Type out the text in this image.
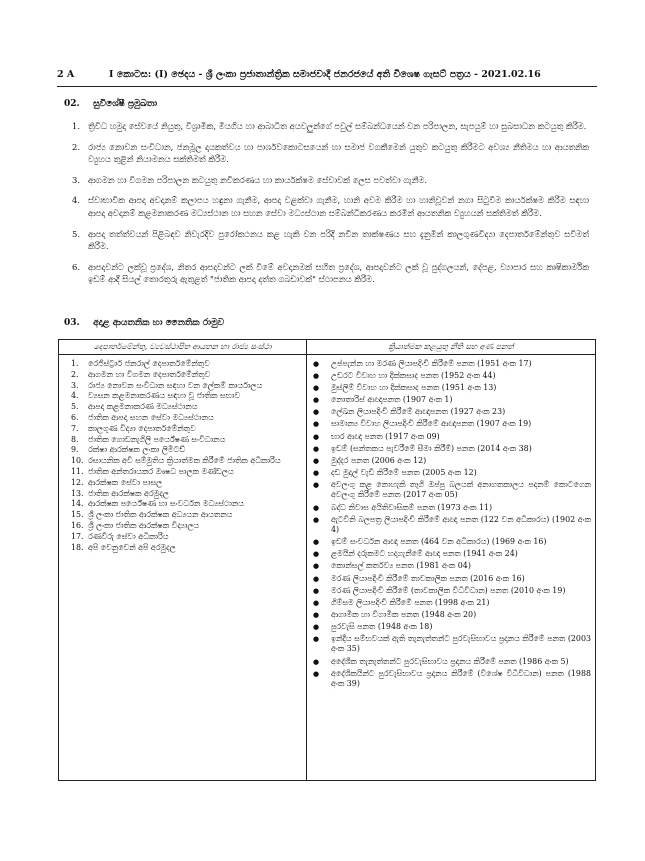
2 A	I කොටස: (I) ඡෙදය - ශ්‍රී ලංකා ප්‍රජාතාන්ත්‍රික සමාජවාදී ජනරජයේ අති විශෙෂ ගැසට් පත්‍රය - 2021.02.16
02. සුවිශේෂී ප්‍රමුඛතා
1. ත්‍රිවිධ හමුදා සේවයේ නියුතු, විශ්‍රාමික, මියගිය හා ආබාධිත අයවලුන්ගේ පවුල් සම්බන්ධයෙන් වන පරිපාලන, සැපයුම් හා සුබසාධන කටයුතු කිරීම.
2. රාජ්‍ය නොවන සංවිධාන, ජනමූල දායකත්වය හා පාර්ශවකොටසයෙන් හා සමාජ වගකීමෙන් යුතුව කටයුතු කිරීමට අවශ්‍ය නීතිමය හා ආයතනික ව්‍යුහය තුළින් නියාමනය සක්තිමත් කිරීම.
3. ආගමන හා විගමන පරිපාලන කටයුතු නවීකරණය හා කාර්යක්ෂම සේවාවක් ලෙස පවත්වා ගැනීම.
4. ස්වාභාවික ආපදා අවදානම් කලාපය හඳුනා ගැනීම, ආපදා වළක්වා ගැනීම, හානි අවම කිරීම හා හානිවූවන් නගා සිටුවීම කාර්යක්ෂම කිරීම සඳහා ආපදා අවදානම් කළමනාකරණ මධ්‍යස්ථාන හා සහන සේවා මධ්‍යස්ථාන සම්බන්ධිකරණය කරමින් ආයතනික ව්‍යුහයන් සක්තිමත් කිරීම.
5. ආපදා තත්ත්වයන් පිළිබඳව නිවැරදිව පුරෝකථනය කළ හැකි වන පරිදි නවීන තාක්ෂණය සහ දැනුමින් කාලගුණවිද්‍යා දෙපාර්තමේන්තුව සවිමත් කිරීම.
6. ආපදාවන්ට ලක්වූ ප්‍රදේශ, නිතර ආපදාවන්ට ලක් විමේ අවදානමක් සහිත ප්‍රදේශ, ආපදාවන්ට ලක් වූ පුද්ගලයන්, දේපළ, ව්‍යාපාර සහ කෘෂිකාර්මික ඉඩම් ආදී සියල් තොරතුරු ඇතුළත් "ජාතික ආපදා දත්ත ගබඩාවක්" ස්ථාපනය කිරීම.
03. අදාළ ආයතනික හා නෛතික රාමුව
දෙපාර්තමේන්තු, ව්‍යවස්ථාපිත ආයතන හා රාජ්‍ය සංස්ථා	ක්‍රියාත්මක කළයුතු නීති සහ අණ පනත්
1.	රෙජිස්ට්‍රාර් ජනරාල් දෙපාර්තමේන්තුව
2.	ආගමන හා විගමන දෙපාර්තමේන්තුව
3.	රාජ්‍ය නොවන සංවිධාන සඳහා වන ලේකම් කාර්යාලය
4.	ව්‍යසන කළමනාකරණය සඳහා වූ ජාතික සභාව
5.	ආපදා කළමනාකරණ මධ්‍යස්ථානය
6.	ජාතික ආපදා සහන සේවා මධ්‍යස්ථානය
7.	කාලගුණ විද්‍යා දෙපාර්තමේන්තුව
8.	ජාතික ගොඩනැගිලි පර්යේෂණ සංවිධානය
9.	රක්ෂා ආරක්ෂක ලංකා ලිමිටඩ්
10. රසායනික අවි සම්මුතිය ක්‍රියාත්මක කිරීමේ ජාතික අධිකාරිය
11. ජාතික අන්තරායකර ඖෂධ පාලක මණ්ඩලය
12. ආරක්ෂක සේවා පාසල
13. ජාතික ආරක්ෂක අරමුදල
14. ආරක්ෂක පර්යේෂණ හා සංවර්ධන මධ්‍යස්ථානය
15. ශ්‍රී ලංකා ජාතික ආරක්ෂක අධ්‍යයන ආයතනය
16. ශ්‍රී ලංකා ජාතික ආරක්ෂක විද්‍යාලය
17. රණවිරු සේවා අධිකාරිය
18. අපි වෙනුවෙන් අපි අරමුදල
●	උප්පැන්න හා මරණ ලියාපදිංචි කිරීමේ පනත (1951 අංක 17)
●	උඩරට විවාහ හා දික්කසාද පනත (1952 අංක 44)
●	මුස්ලිම් විවාහ හා දික්කසාද පනත (1951 අංක 13)
●	නොතාරිස් ආඥාපනත (1907 අංක 1)
●	ලේඛන ලියාපදිංචි කිරීමේ ආඥාපනත (1927 අංක 23)
●	සාමාන්‍ය විවාහ ලියාපදිංචි කිරීමේ ආඥාපනත (1907 අංක 19)
●	භාර ආඥා පනත (1917 අංක 09)
●	ඉඩම් (සන්තකය පැවරීමේ සීමා කිරීම්) පනත (2014 අංක 38)
●	මුද්දර පනත (2006 අංක 12)
●	දඩ මුදල් වැඩි කිරීමේ පනත (2005 අංක 12)
●	අවලංගු කළ නොහැකි තෑගි ඔප්පු බලයක් අනාගතකාලය පදනම් කොටගෙන අවලංගු කිරීමේ පනත (2017 අංක 05)
●	බද්ධ නිවාස අයිතිවාසිකම් පනත (1973 අංක 11)
●	ඇටවිනි බලපත්‍ර ලියාපදිංචි කිරීමේ ආඥා පනත (122 වන අධිකාරය) (1902 අංක 4)
●	ඉඩම් සංවර්ධන ආඥා පනත (464 වන අධිකාරය) (1969 අංක 16)
●	ළමයින් දරුකමට හදාගැනීමේ ආඥා පනත (1941 අංක 24)
●	කොන්සල් කර්තව්‍ය පනත (1981 අංක 04)
●	මරණ ලියාපදිංචි කිරීමේ තාවකාලික පනත (2016 අංක 16)
●	මරණ ලියාපදිංචි කිරීමේ (තාවකාලික විධිවිධාන) පනත (2010 අංක 19)
●	ගිම්සම ලියාපදිංචි කිරීමේ පනත (1998 අංක 21)
●	ආගාමික හා විගාමික පනත (1948 අංක 20)
●	පුරවැසි පනත (1948 අංක 18)
●	ඉන්දීය සම්භවයක් ඇති තැනැත්තන්ට පුරවැසිභාවය ප්‍රදානය කිරීමේ පනත (2003 අංක 35)
●	අදේශීක තැනැත්තන්ට පුරවැසිභාවය ප්‍රදානය කිරීමේ පනත (1986 අංක 5)
●	අදේශිකයින්ට පුරවැසිභාවය ප්‍රදානය කිරීමේ (විශේෂ විධිවිධාන) පනත (1988 අංක 39)
